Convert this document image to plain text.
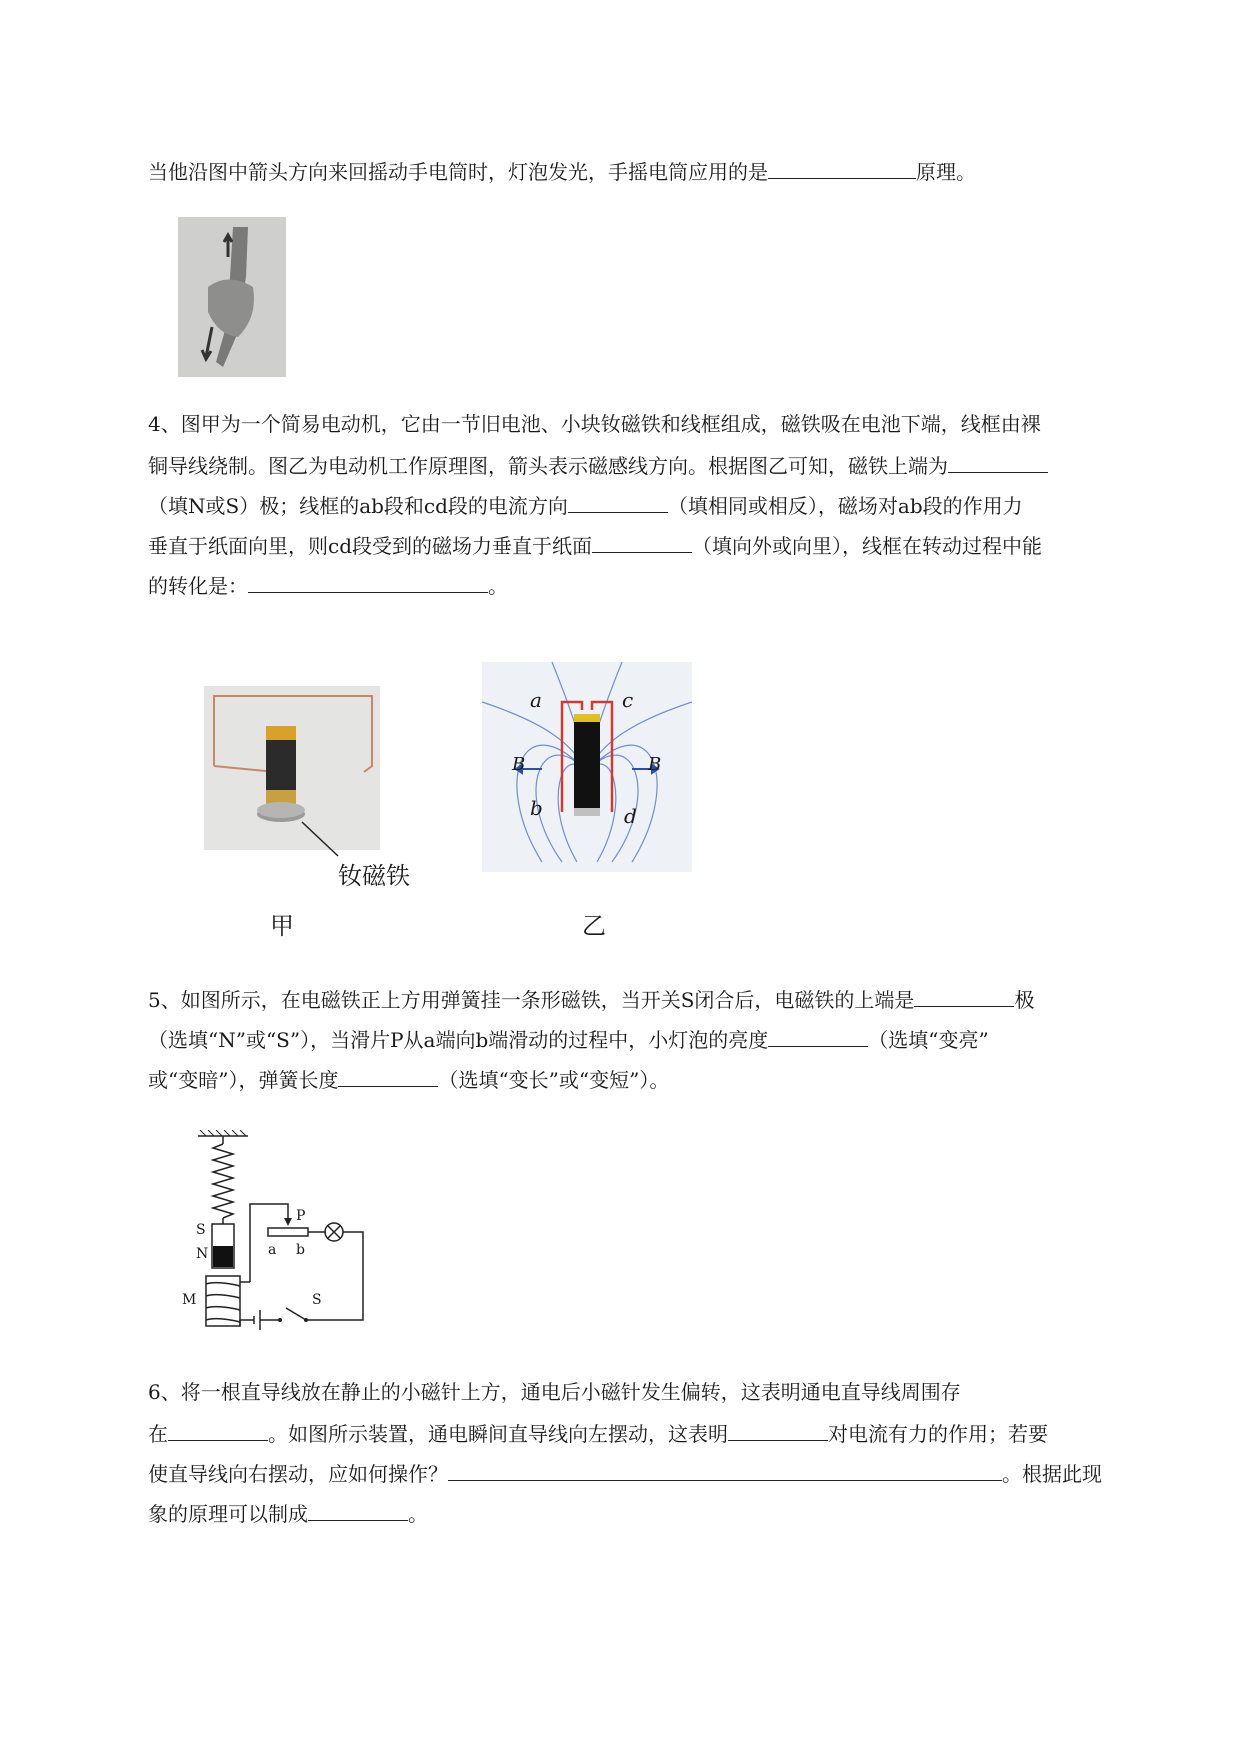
当他沿图中箭头方向来回摇动手电筒时，灯泡发光，手摇电筒应用的是	原理。
4、图甲为一个简易电动机，它由一节旧电池、小块钕磁铁和线框组成，磁铁吸在电池下端，线框由裸
铜导线绕制。图乙为电动机工作原理图，箭头表示磁感线方向。根据图乙可知，磁铁上端为
（填N或S）极；线框的ab段和cd段的电流方向	（填相同或相反），磁场对ab段的作用力
垂直于纸面向里，则cd段受到的磁场力垂直于纸面	（填向外或向里），线框在转动过程中能
的转化是：	。
钕磁铁
a	c
B	B
b	d
甲	乙
5、如图所示，在电磁铁正上方用弹簧挂一条形磁铁，当开关S闭合后，电磁铁的上端是	极
（选填“N”或“S”），当滑片P从a端向b端滑动的过程中，小灯泡的亮度	（选填“变亮”
或“变暗”），弹簧长度	（选填“变长”或“变短”）。
S
N
P
a b
M	S
6、将一根直导线放在静止的小磁针上方，通电后小磁针发生偏转，这表明通电直导线周围存
在	。如图所示装置，通电瞬间直导线向左摆动，这表明	对电流有力的作用；若要
使直导线向右摆动，应如何操作？	。根据此现
象的原理可以制成	。
